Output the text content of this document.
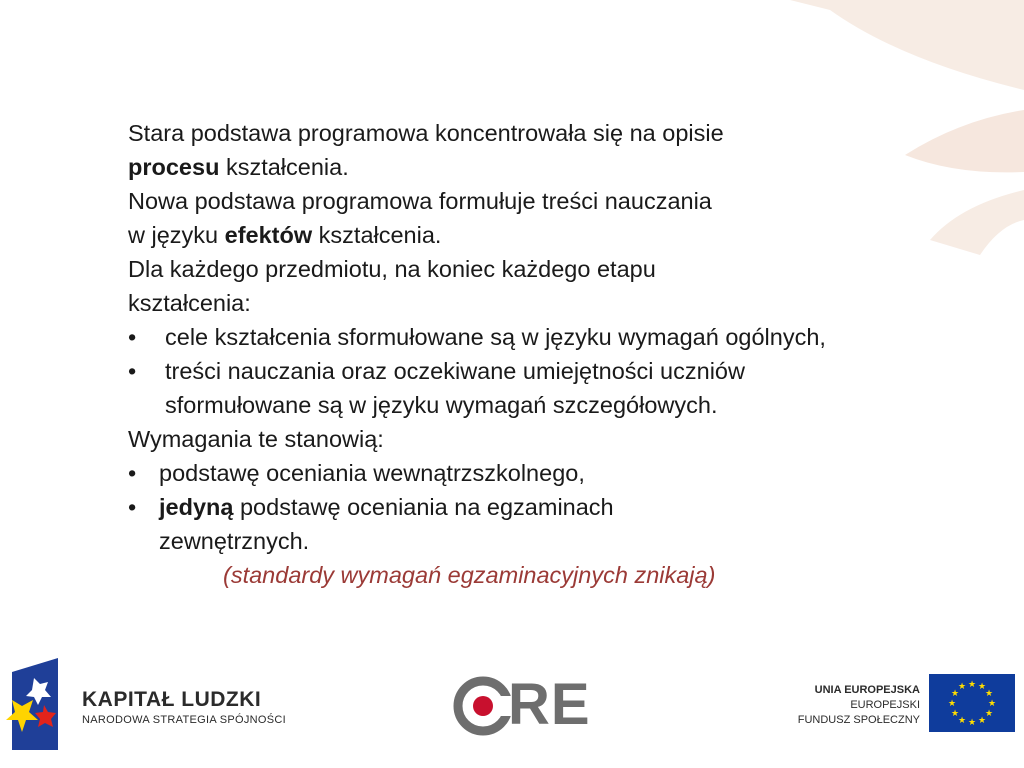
Stara podstawa programowa koncentrowała się na opisie
procesu kształcenia.

Nowa podstawa programowa formułuje treści nauczania
w języku efektów kształcenia.

Dla każdego przedmiotu, na koniec każdego etapu kształcenia:

• cele kształcenia sformułowane są w języku wymagań ogólnych,

• treści nauczania oraz oczekiwane umiejętności uczniów sformułowane są w języku wymagań szczegółowych.

Wymagania te stanowią:

• podstawę oceniania wewnątrzszkolnego,

• jedyną podstawę oceniania na egzaminach zewnętrznych.

(standardy wymagań egzaminacyjnych znikają)

★ ★
★
★
★
★
★
★
★
★
★
★
KAPITAŁ LUDZKI
NARODOWA STRATEGIA SPÓJNOŚCI	RE	UNIA EUROPEJSKA
EUROPEJSKI
FUNDUSZ SPOŁECZNY
